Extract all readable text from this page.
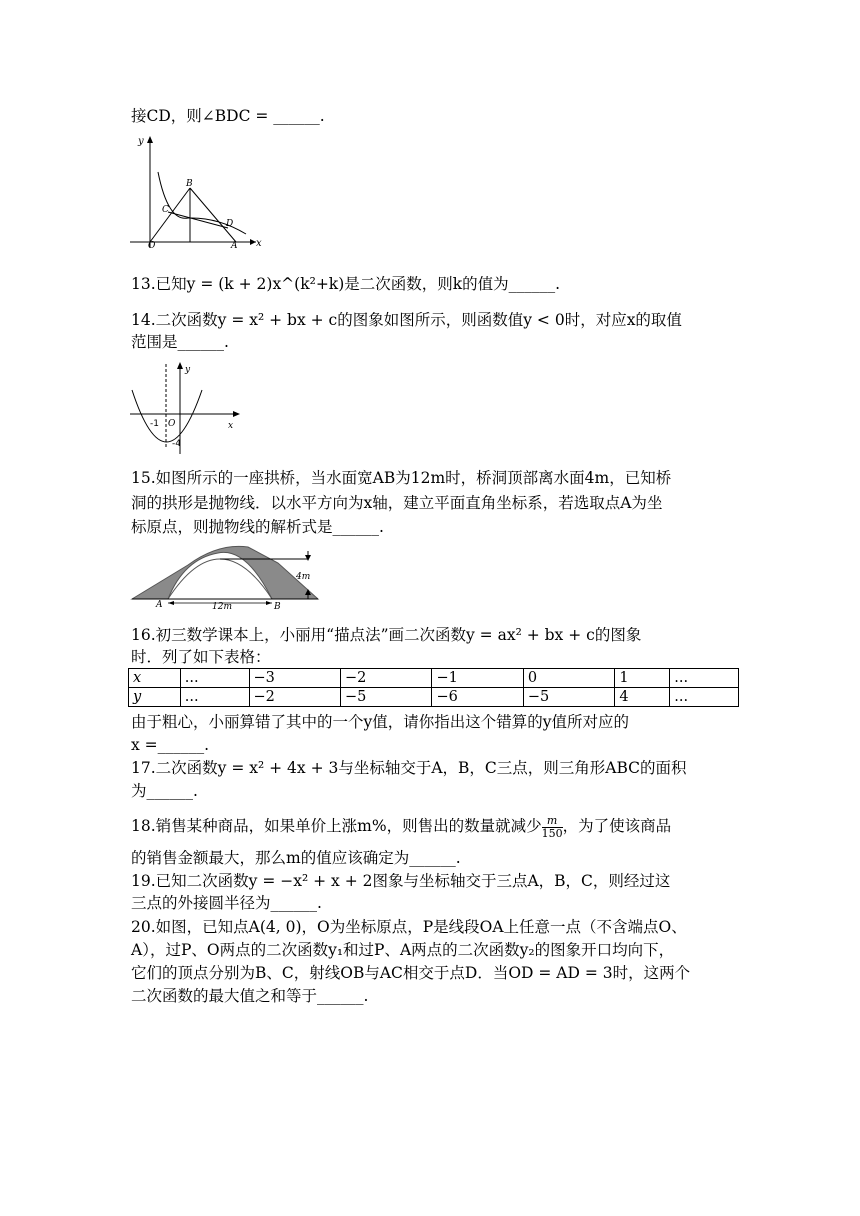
接CD，则∠BDC = ______.
y
x
O	A
B
C
D
13.已知y = (k + 2)x^(k²+k)是二次函数，则k的值为______.
14.二次函数y = x² + bx + c的图象如图所示，则函数值y < 0时，对应x的取值
范围是______.
y
x
O
-1
-4
15.如图所示的一座拱桥，当水面宽AB为12m时，桥洞顶部离水面4m，已知桥
洞的拱形是抛物线．以水平方向为x轴，建立平面直角坐标系，若选取点A为坐
标原点，则抛物线的解析式是______.
A	B
12m
4m
16.初三数学课本上，小丽用“描点法”画二次函数y = ax² + bx + c的图象
时．列了如下表格：
x	...	−3	−2	−1	0	1	...
y	...	−2	−5	−6	−5	4	...
由于粗心，小丽算错了其中的一个y值，请你指出这个错算的y值所对应的
x =______.
17.二次函数y = x² + 4x + 3与坐标轴交于A，B，C三点，则三角形ABC的面积
为______.
18.销售某种商品，如果单价上涨m%，则售出的数量就减少 $\frac{m}{150}$ ，为了使该商品
的销售金额最大，那么m的值应该确定为______.
19.已知二次函数y = −x² + x + 2图象与坐标轴交于三点A，B，C，则经过这
三点的外接圆半径为______.
20.如图，已知点A(4, 0)，O为坐标原点，P是线段OA上任意一点（不含端点O、
A），过P、O两点的二次函数y₁和过P、A两点的二次函数y₂的图象开口均向下，
它们的顶点分别为B、C，射线OB与AC相交于点D．当OD = AD = 3时，这两个
二次函数的最大值之和等于______.
